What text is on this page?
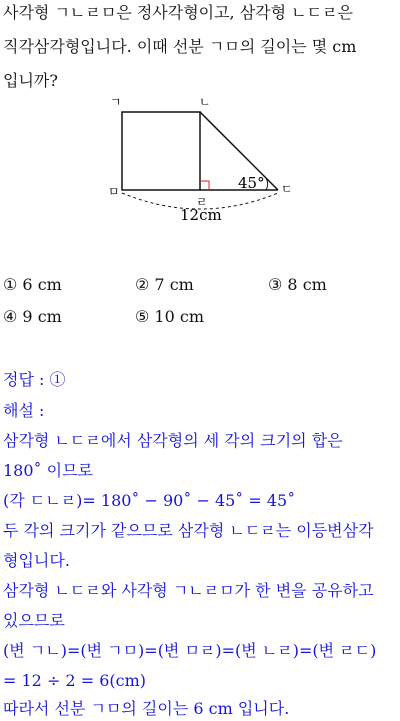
사각형 ㄱㄴㄹㅁ은 정사각형이고, 삼각형 ㄴㄷㄹ은
직각삼각형입니다. 이때 선분 ㄱㅁ의 길이는 몇 cm
입니까?
ㄱ	ㄴ
ㅁ
ㄹ
ㄷ
45°
12cm
① 6 cm	② 7 cm	③ 8 cm
④ 9 cm	⑤ 10 cm
정답 : ①
해설 :
삼각형 ㄴㄷㄹ에서 삼각형의 세 각의 크기의 합은
180˚ 이므로
(각 ㄷㄴㄹ)= 180˚ − 90˚ − 45˚ = 45˚
두 각의 크기가 같으므로 삼각형 ㄴㄷㄹ는 이등변삼각
형입니다.
삼각형 ㄴㄷㄹ와 사각형 ㄱㄴㄹㅁ가 한 변을 공유하고
있으므로
(변 ㄱㄴ)=(변 ㄱㅁ)=(변 ㅁㄹ)=(변 ㄴㄹ)=(변 ㄹㄷ)
= 12 ÷ 2 = 6(cm)
따라서 선분 ㄱㅁ의 길이는 6 cm 입니다.
